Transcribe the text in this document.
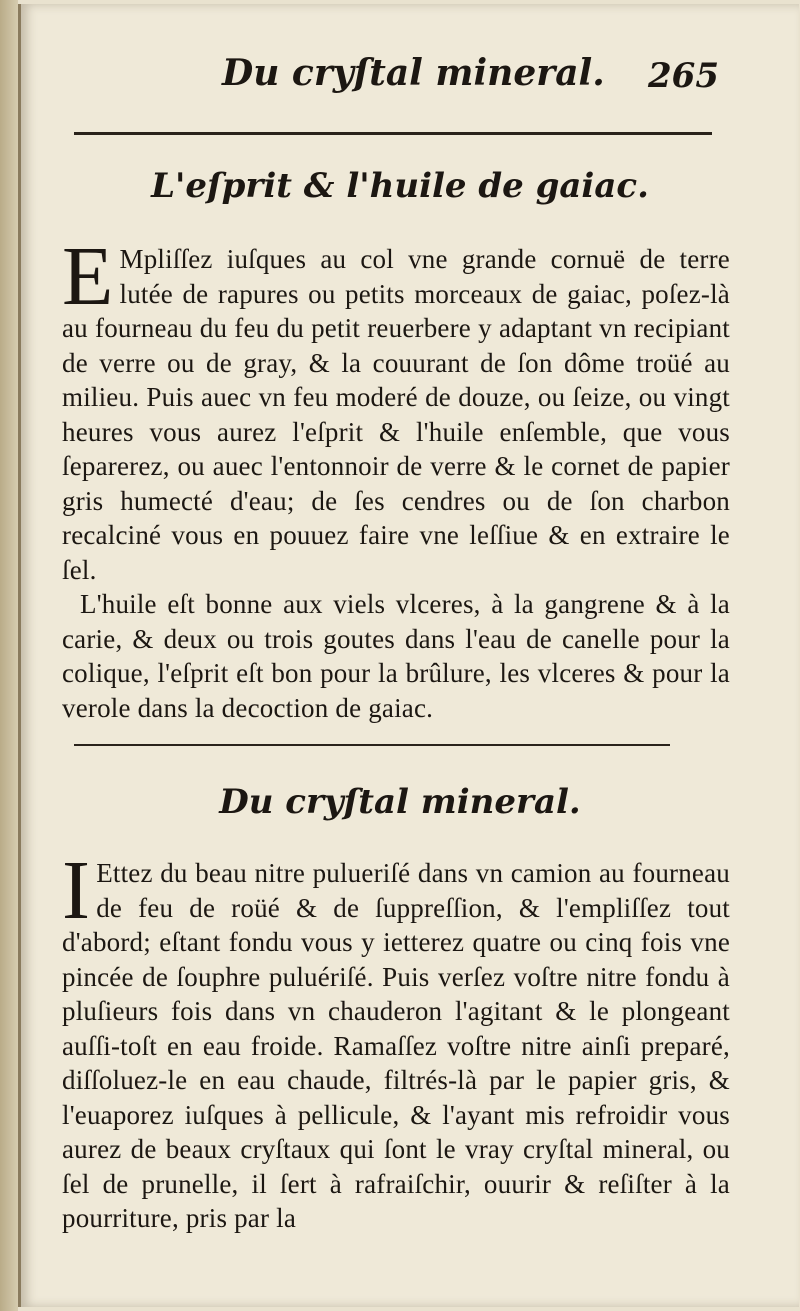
Du cryſtal mineral. 265
L'eſprit & l'huile de gaiac.
E Mpliſſez iuſques au col vne grande cornuë de terre lutée de rapures ou petits morceaux de gaiac, poſez-là au fourneau du feu du petit reuerbere y adaptant vn recipiant de verre ou de gray, & la couurant de ſon dôme troüé au milieu. Puis auec vn feu moderé de douze, ou ſeize, ou vingt heures vous aurez l'eſprit & l'huile enſemble, que vous ſeparerez, ou auec l'entonnoir de verre & le cornet de papier gris humecté d'eau; de ſes cendres ou de ſon charbon recalciné vous en pouuez faire vne leſſiue & en extraire le ſel.
L'huile eſt bonne aux viels vlceres, à la gangrene & à la carie, & deux ou trois goutes dans l'eau de canelle pour la colique, l'eſprit eſt bon pour la brûlure, les vlceres & pour la verole dans la decoction de gaiac.
Du cryſtal mineral.
I Ettez du beau nitre pulueriſé dans vn camion au fourneau de feu de roüé & de ſuppreſſion, & l'empliſſez tout d'abord; eſtant fondu vous y ietterez quatre ou cinq fois vne pincée de ſouphre puluériſé. Puis verſez voſtre nitre fondu à pluſieurs fois dans vn chauderon l'agitant & le plongeant auſſi-toſt en eau froide. Ramaſſez voſtre nitre ainſi preparé, diſſoluez-le en eau chaude, filtrés-là par le papier gris, & l'euaporez iuſques à pellicule, & l'ayant mis refroidir vous aurez de beaux cryſtaux qui ſont le vray cryſtal mineral, ou ſel de prunelle, il ſert à rafraiſchir, ouurir & reſiſter à la pourriture, pris par la
